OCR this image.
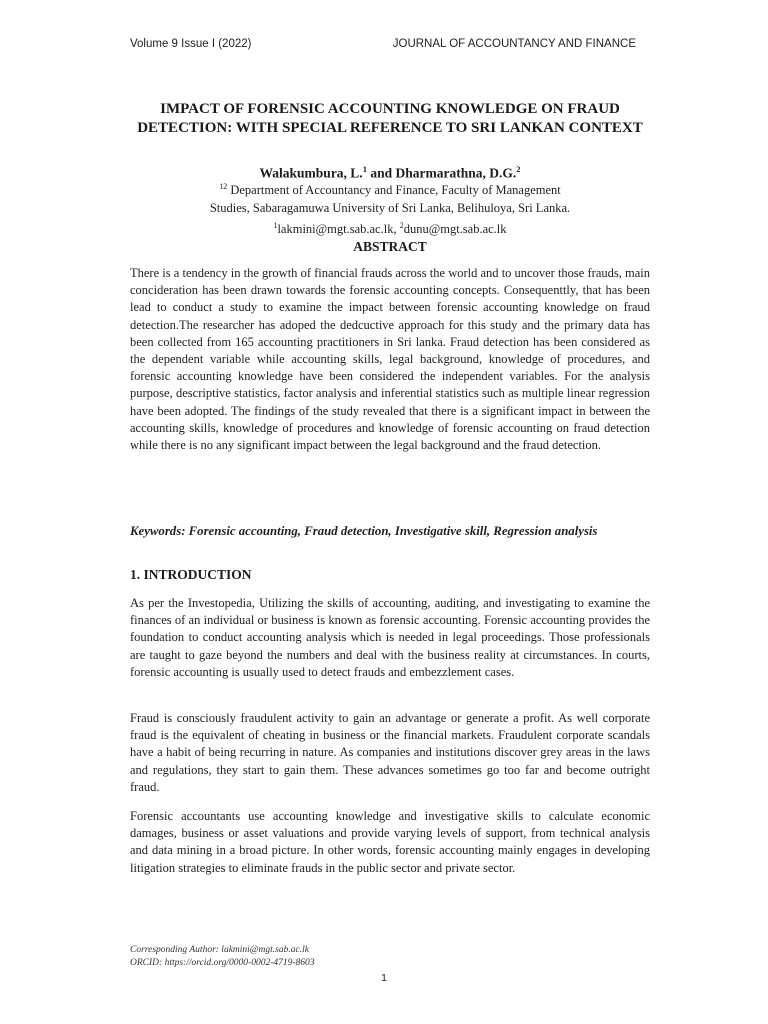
Volume 9 Issue I (2022)	JOURNAL OF ACCOUNTANCY AND FINANCE
IMPACT OF FORENSIC ACCOUNTING KNOWLEDGE ON FRAUD DETECTION: WITH SPECIAL REFERENCE TO SRI LANKAN CONTEXT
Walakumbura, L.$^1$ and Dharmarathna, D.G.$^2$
$^{12}$ Department of Accountancy and Finance, Faculty of Management
Studies, Sabaragamuwa University of Sri Lanka, Belihuloya, Sri Lanka.
$^1$lakmini@mgt.sab.ac.lk, $^2$dunu@mgt.sab.ac.lk
ABSTRACT

There is a tendency in the growth of financial frauds across the world and to uncover those frauds, main concideration has been drawn towards the forensic accounting concepts. Consequenttly, that has been lead to conduct a study to examine the impact between forensic accounting knowledge on fraud detection.The researcher has adoped the dedcuctive approach for this study and the primary data has been collected from 165 accounting practitioners in Sri lanka. Fraud detection has been considered as the dependent variable while accounting skills, legal background, knowledge of procedures, and forensic accounting knowledge have been considered the independent variables. For the analysis purpose, descriptive statistics, factor analysis and inferential statistics such as multiple linear regression have been adopted. The findings of the study revealed that there is a significant impact in between the accounting skills, knowledge of procedures and knowledge of forensic accounting on fraud detection while there is no any significant impact between the legal background and the fraud detection.

Keywords: Forensic accounting, Fraud detection, Investigative skill, Regression analysis

1. INTRODUCTION

As per the Investopedia, Utilizing the skills of accounting, auditing, and investigating to examine the finances of an individual or business is known as forensic accounting. Forensic accounting provides the foundation to conduct accounting analysis which is needed in legal proceedings. Those professionals are taught to gaze beyond the numbers and deal with the business reality at circumstances. In courts, forensic accounting is usually used to detect frauds and embezzlement cases.

Fraud is consciously fraudulent activity to gain an advantage or generate a profit. As well corporate fraud is the equivalent of cheating in business or the financial markets. Fraudulent corporate scandals have a habit of being recurring in nature. As companies and institutions discover grey areas in the laws and regulations, they start to gain them. These advances sometimes go too far and become outright fraud.

Forensic accountants use accounting knowledge and investigative skills to calculate economic damages, business or asset valuations and provide varying levels of support, from technical analysis and data mining in a broad picture. In other words, forensic accounting mainly engages in developing litigation strategies to eliminate frauds in the public sector and private sector.

Corresponding Author: lakmini@mgt.sab.ac.lk
ORCID: https://orcid.org/0000-0002-4719-8603
1
